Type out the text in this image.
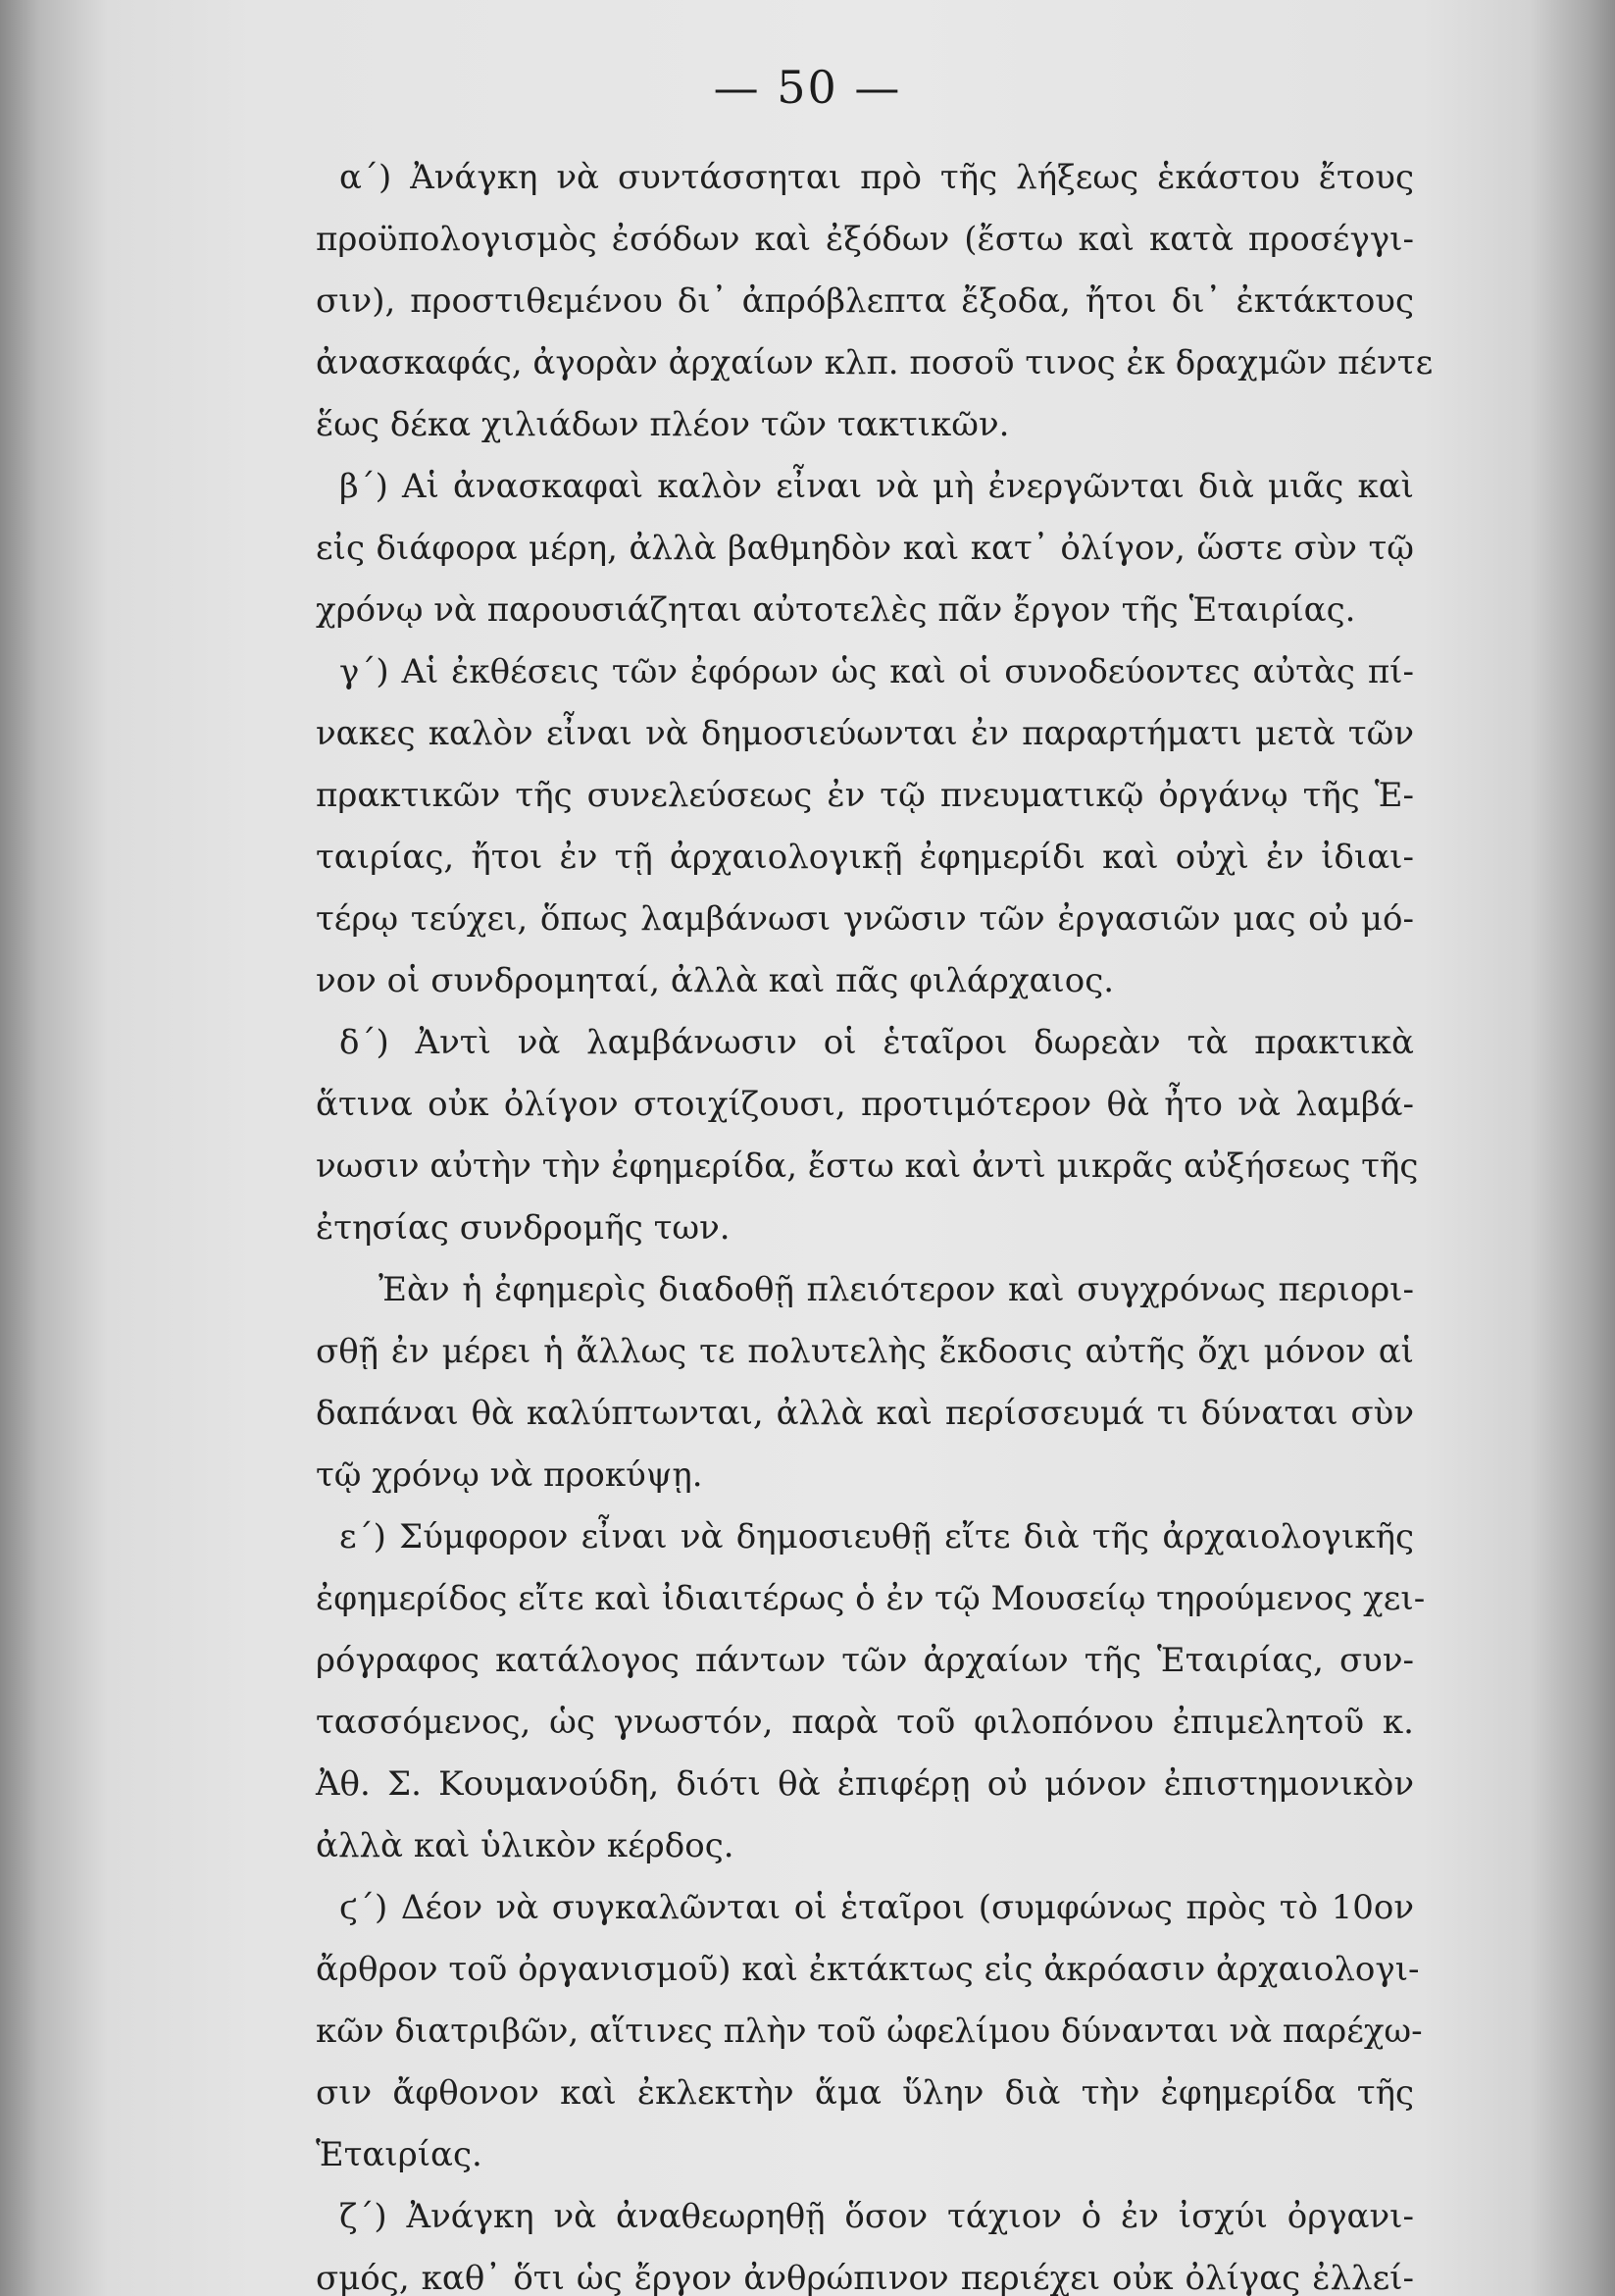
— 50 —

α΄) Ἀνάγκη νὰ συντάσσηται πρὸ τῆς λήξεως ἑκάστου ἔτους
προϋπολογισμὸς ἐσόδων καὶ ἐξόδων (ἔστω καὶ κατὰ προσέγγι-
σιν), προστιθεμένου δι᾽ ἀπρόβλεπτα ἔξοδα, ἤτοι δι᾽ ἐκτάκτους
ἀνασκαφάς, ἀγορὰν ἀρχαίων κλπ. ποσοῦ τινος ἐκ δραχμῶν πέντε
ἕως δέκα χιλιάδων πλέον τῶν τακτικῶν.
β΄) Αἱ ἀνασκαφαὶ καλὸν εἶναι νὰ μὴ ἐνεργῶνται διὰ μιᾶς καὶ
εἰς διάφορα μέρη, ἀλλὰ βαθμηδὸν καὶ κατ᾽ ὀλίγον, ὥστε σὺν τῷ
χρόνῳ νὰ παρουσιάζηται αὐτοτελὲς πᾶν ἔργον τῆς Ἑταιρίας.
γ΄) Αἱ ἐκθέσεις τῶν ἐφόρων ὡς καὶ οἱ συνοδεύοντες αὐτὰς πί-
νακες καλὸν εἶναι νὰ δημοσιεύωνται ἐν παραρτήματι μετὰ τῶν
πρακτικῶν τῆς συνελεύσεως ἐν τῷ πνευματικῷ ὀργάνῳ τῆς Ἑ-
ταιρίας, ἤτοι ἐν τῇ ἀρχαιολογικῇ ἐφημερίδι καὶ οὐχὶ ἐν ἰδιαι-
τέρῳ τεύχει, ὅπως λαμβάνωσι γνῶσιν τῶν ἐργασιῶν μας οὐ μό-
νον οἱ συνδρομηταί, ἀλλὰ καὶ πᾶς φιλάρχαιος.
δ΄) Ἀντὶ νὰ λαμβάνωσιν οἱ ἑταῖροι δωρεὰν τὰ πρακτικὰ
ἅτινα οὐκ ὀλίγον στοιχίζουσι, προτιμότερον θὰ ἦτο νὰ λαμβά-
νωσιν αὐτὴν τὴν ἐφημερίδα, ἔστω καὶ ἀντὶ μικρᾶς αὐξήσεως τῆς
ἐτησίας συνδρομῆς των.
Ἐὰν ἡ ἐφημερὶς διαδοθῇ πλειότερον καὶ συγχρόνως περιορι-
σθῇ ἐν μέρει ἡ ἄλλως τε πολυτελὴς ἔκδοσις αὐτῆς ὄχι μόνον αἱ
δαπάναι θὰ καλύπτωνται, ἀλλὰ καὶ περίσσευμά τι δύναται σὺν
τῷ χρόνῳ νὰ προκύψῃ.
ε΄) Σύμφορον εἶναι νὰ δημοσιευθῇ εἴτε διὰ τῆς ἀρχαιολογικῆς
ἐφημερίδος εἴτε καὶ ἰδιαιτέρως ὁ ἐν τῷ Μουσείῳ τηρούμενος χει-
ρόγραφος κατάλογος πάντων τῶν ἀρχαίων τῆς Ἑταιρίας, συν-
τασσόμενος, ὡς γνωστόν, παρὰ τοῦ φιλοπόνου ἐπιμελητοῦ κ.
Ἀθ. Σ. Κουμανούδη, διότι θὰ ἐπιφέρῃ οὐ μόνον ἐπιστημονικὸν
ἀλλὰ καὶ ὑλικὸν κέρδος.
ϛ΄) Δέον νὰ συγκαλῶνται οἱ ἑταῖροι (συμφώνως πρὸς τὸ 10ον
ἄρθρον τοῦ ὀργανισμοῦ) καὶ ἐκτάκτως εἰς ἀκρόασιν ἀρχαιολογι-
κῶν διατριβῶν, αἵτινες πλὴν τοῦ ὠφελίμου δύνανται νὰ παρέχω-
σιν ἄφθονον καὶ ἐκλεκτὴν ἅμα ὕλην διὰ τὴν ἐφημερίδα τῆς
Ἑταιρίας.
ζ΄) Ἀνάγκη νὰ ἀναθεωρηθῇ ὅσον τάχιον ὁ ἐν ἰσχύι ὀργανι-
σμός, καθ᾽ ὅτι ὡς ἔργον ἀνθρώπινον περιέχει οὐκ ὀλίγας ἐλλεί-
